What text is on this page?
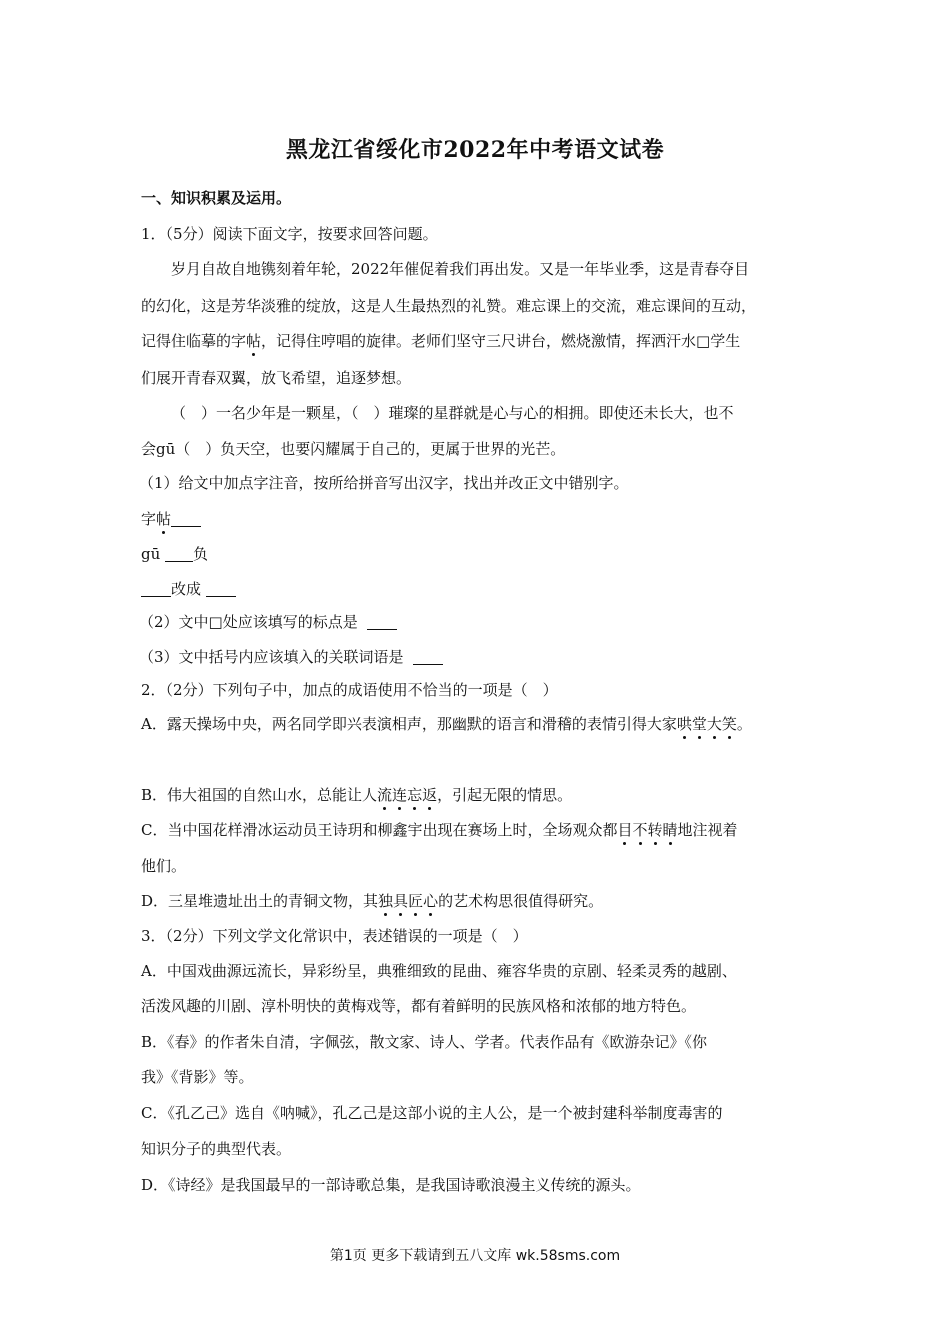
黑龙江省绥化市2022年中考语文试卷
一、知识积累及运用。
1．（5分）阅读下面文字，按要求回答问题。
岁月自故自地镌刻着年轮，2022年催促着我们再出发。又是一年毕业季，这是青春夺目
的幻化，这是芳华淡雅的绽放，这是人生最热烈的礼赞。难忘课上的交流，难忘课间的互动，
记得住临摹的字帖，记得住哼唱的旋律。老师们坚守三尺讲台，燃烧激情，挥洒汗水□学生
们展开青春双翼，放飞希望，追逐梦想。
（　）一名少年是一颗星，（　）璀璨的星群就是心与心的相拥。即使还未长大，也不
会gū（　）负天空，也要闪耀属于自己的，更属于世界的光芒。
（1）给文中加点字注音，按所给拼音写出汉字，找出并改正文中错别字。
字帖
gū 负
改成
（2）文中□处应该填写的标点是
（3）文中括号内应该填入的关联词语是
2．（2分）下列句子中，加点的成语使用不恰当的一项是（　）
A．露天操场中央，两名同学即兴表演相声，那幽默的语言和滑稽的表情引得大家哄堂大笑。
B．伟大祖国的自然山水，总能让人流连忘返，引起无限的情思。
C．当中国花样滑冰运动员王诗玥和柳鑫宇出现在赛场上时，全场观众都目不转睛地注视着
他们。
D．三星堆遗址出土的青铜文物，其独具匠心的艺术构思很值得研究。
3．（2分）下列文学文化常识中，表述错误的一项是（　）
A．中国戏曲源远流长，异彩纷呈，典雅细致的昆曲、雍容华贵的京剧、轻柔灵秀的越剧、
活泼风趣的川剧、淳朴明快的黄梅戏等，都有着鲜明的民族风格和浓郁的地方特色。
B．《春》的作者朱自清，字佩弦，散文家、诗人、学者。代表作品有《欧游杂记》《你
我》《背影》等。
C．《孔乙己》选自《呐喊》，孔乙己是这部小说的主人公，是一个被封建科举制度毒害的
知识分子的典型代表。
D．《诗经》是我国最早的一部诗歌总集，是我国诗歌浪漫主义传统的源头。
第1页 更多下载请到五八文库 wk.58sms.com
